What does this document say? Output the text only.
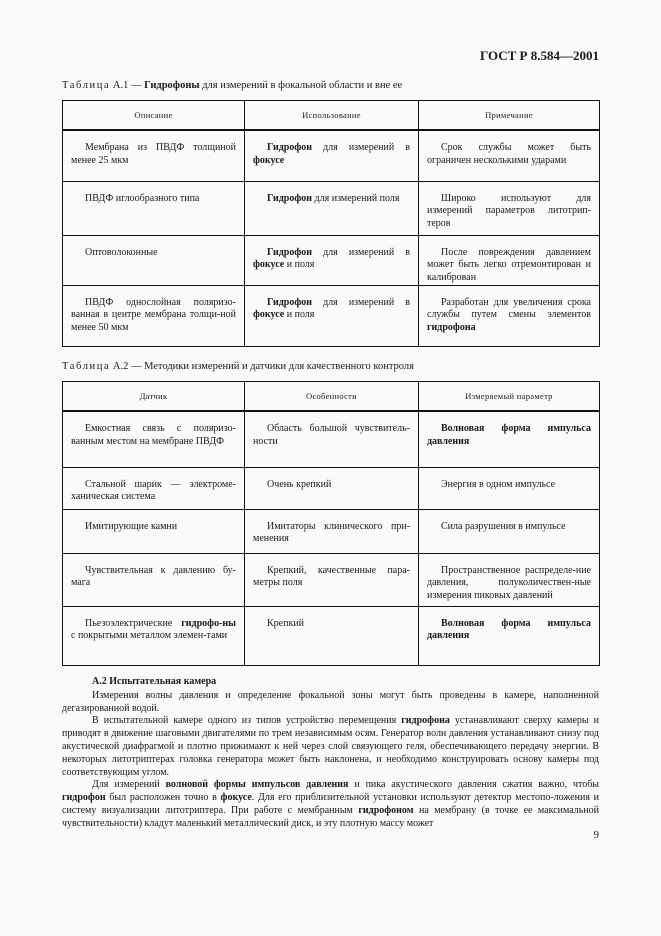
ГОСТ Р 8.584—2001
Таблица А.1 — Гидрофоны для измерений в фокальной области и вне ее
Описание	Использование	Примечание
Мембрана из ПВДФ толщиной менее 25 мкм	Гидрофон для измерений в фокусе	Срок службы может быть ограничен несколькими ударами
ПВДФ иглообразного типа	Гидрофон для измерений поля	Широко используют для измерений параметров литотрип-теров
Оптоволоконные	Гидрофон для измерений в фокусе и поля	После повреждения давлением может быть легко отремонтирован и калиброван
ПВДФ однослойная поляризо-ванная в центре мембрана толщи-ной менее 50 мкм	Гидрофон для измерений в фокусе и поля	Разработан для увеличения срока службы путем смены элементов гидрофона
Таблица А.2 — Методики измерений и датчики для качественного контроля
Датчик	Особенности	Измеряемый параметр
Емкостная связь с поляризо-ванным местом на мембране ПВДФ	Область большой чувствитель-ности	Волновая форма импульса давления
Стальной шарик — электроме-ханическая система	Очень крепкий	Энергия в одном импульсе
Имитирующие камни	Имитаторы клинического при-менения	Сила разрушения в импульсе
Чувствительная к давлению бу-мага	Крепкий, качественные пара-метры поля	Пространственное распределе-ние давления, полуколичествен-ные измерения пиковых давлений
Пьезоэлектрические гидрофо-ны с покрытыми металлом элемен-тами	Крепкий	Волновая форма импульса давления

А.2 Испытательная камера

Измерения волны давления и определение фокальной зоны могут быть проведены в камере, наполненной дегазированной водой.

В испытательной камере одного из типов устройство перемещения гидрофона устанавливают сверху камеры и приводят в движение шаговыми двигателями по трем независимым осям. Генератор волн давления устанавливают снизу под акустической диафрагмой и плотно прижимают к ней через слой связующего геля, обеспечивающего передачу энергии. В некоторых литотриптерах головка генератора может быть наклонена, и необходимо конструировать основу камеры под соответствующим углом.

Для измерений волновой формы импульсов давления и пика акустического давления сжатия важно, чтобы гидрофон был расположен точно в фокусе. Для его приблизительной установки используют детектор местопо-ложения и систему визуализации литотриптера. При работе с мембранным гидрофоном на мембрану (в точке ее максимальной чувствительности) кладут маленький металлический диск, и эту плотную массу может

9
